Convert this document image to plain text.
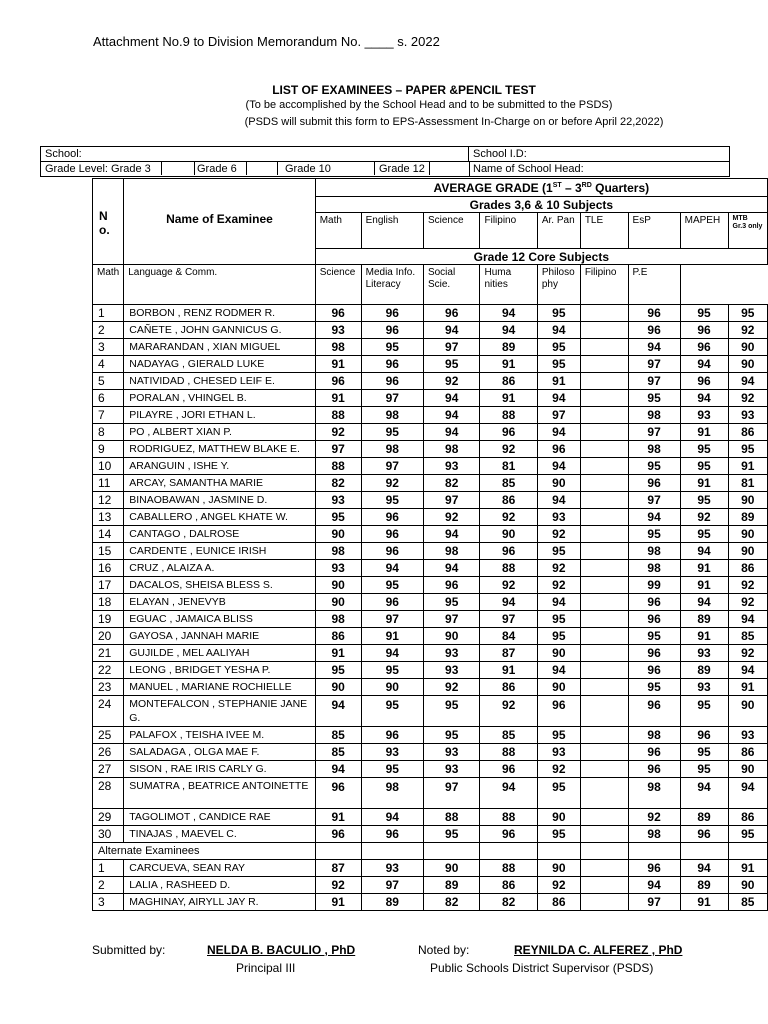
Attachment No.9 to Division Memorandum No. ____ s. 2022
LIST OF EXAMINEES – PAPER &PENCIL TEST
(To be accomplished by the School Head and to be submitted to the PSDS)
(PSDS will submit this form to EPS-Assessment In-Charge on or before April 22,2022)
School:	School I.D:
Grade Level: Grade 3	Grade 6	Grade 10	Grade 12	Name of School Head:
N o.	Name of Examinee	AVERAGE GRADE (1ST – 3RD Quarters)								
		Grades 3,6 & 10 Subjects								
		Math	English	Science	Filipino	Ar. Pan	TLE	EsP	MAPEH	MTB Gr.3 only
		Grade 12 Core Subjects								
Math	Language & Comm.	Science	Media Info. Literacy	Social Scie.	Huma nities	Philoso phy	Filipino	P.E		
1	BORBON , RENZ RODMER R.	96	96	96	94	95		96	95	95
2	CAÑETE , JOHN GANNICUS G.	93	96	94	94	94		96	96	92
3	MARARANDAN , XIAN MIGUEL	98	95	97	89	95		94	96	90
4	NADAYAG , GIERALD LUKE	91	96	95	91	95		97	94	90
5	NATIVIDAD , CHESED LEIF E.	96	96	92	86	91		97	96	94
6	PORALAN , VHINGEL B.	91	97	94	91	94		95	94	92
7	PILAYRE , JORI ETHAN L.	88	98	94	88	97		98	93	93
8	PO , ALBERT XIAN P.	92	95	94	96	94		97	91	86
9	RODRIGUEZ, MATTHEW BLAKE E.	97	98	98	92	96		98	95	95
10	ARANGUIN , ISHE Y.	88	97	93	81	94		95	95	91
11	ARCAY, SAMANTHA MARIE	82	92	82	85	90		96	91	81
12	BINAOBAWAN , JASMINE D.	93	95	97	86	94		97	95	90
13	CABALLERO , ANGEL KHATE W.	95	96	92	92	93		94	92	89
14	CANTAGO , DALROSE	90	96	94	90	92		95	95	90
15	CARDENTE , EUNICE IRISH	98	96	98	96	95		98	94	90
16	CRUZ , ALAIZA A.	93	94	94	88	92		98	91	86
17	DACALOS, SHEISA BLESS S.	90	95	96	92	92		99	91	92
18	ELAYAN , JENEVYB	90	96	95	94	94		96	94	92
19	EGUAC , JAMAICA BLISS	98	97	97	97	95		96	89	94
20	GAYOSA , JANNAH MARIE	86	91	90	84	95		95	91	85
21	GUJILDE , MEL AALIYAH	91	94	93	87	90		96	93	92
22	LEONG , BRIDGET YESHA P.	95	95	93	91	94		96	89	94
23	MANUEL , MARIANE ROCHIELLE	90	90	92	86	90		95	93	91
24	MONTEFALCON , STEPHANIE JANE G.	94	95	95	92	96		96	95	90
25	PALAFOX , TEISHA IVEE M.	85	96	95	85	95		98	96	93
26	SALADAGA , OLGA MAE F.	85	93	93	88	93		96	95	86
27	SISON , RAE IRIS CARLY G.	94	95	93	96	92		96	95	90
28	SUMATRA , BEATRICE ANTOINETTE	96	98	97	94	95		98	94	94
29	TAGOLIMOT , CANDICE RAE	91	94	88	88	90		92	89	86
30	TINAJAS , MAEVEL C.	96	96	95	96	95		98	96	95
Alternate Examinees										
1	CARCUEVA, SEAN RAY	87	93	90	88	90		96	94	91
2	LALIA , RASHEED D.	92	97	89	86	92		94	89	90
3	MAGHINAY, AIRYLL JAY R.	91	89	82	82	86		97	91	85
Submitted by:	NELDA B. BACULIO , PhD
Principal III
Noted by:	REYNILDA C. ALFEREZ , PhD
Public Schools District Supervisor (PSDS)
